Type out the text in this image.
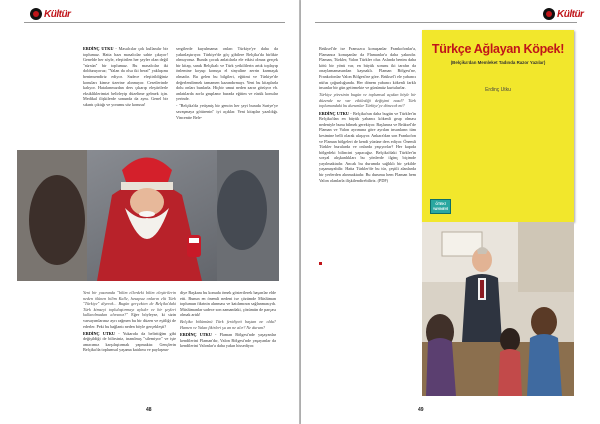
Kültür

ERDİNÇ UTKU - Masalcılar çok kullanılır bir toplumuz. Hatta bazı masalcılar sahte çıkıyor! Genelde her söyle, eleştirilen her şeyler olan değil "sürsün" bir toplumuz. Bu masalcılar iki dolduruyoruz; "Yalan da olsa iki beraf" yaklaşımı benimsendiriz ediyor. Sadece eleştirildiğiniz konuları kimse üzerine alınmıyor. Cesetlerinde kalıyor. Hatalarımızdan ders çıkarıp eleştirilerle eksikliklerimizi belirleyip düzeltme gelmek için. Medikal ilişkilerde sonunda da aynı. Genel bir sıkıntı çıktığı ve yorumu söz konusu!

sergilerde kuyulmama onları Türkiye'ye daha da yakınlaştırıyor. Türkiye'de göç gibilere Belçika'da birlikte olmuyoruz. Bunda çocuk anlatılarla ele etkisi olmaz gerçek bir kitap, sanık Belçikalı ve Türk yetkililerin artık toplayıp önlemine koyup konuşu el sinyaline zerrin karmaşık olmadır. Bu gelen bu bilgileri, eğitimi ve Türkiye'de değerlendirmek tamamen kazandırmayı. Yeni bu kitaplarla dolu onları bunlarla. Hiçbir umut neden zarar görüyor vb. anlatılarda zorla gruplanır burada eğitim ve rüsük konular yerinde.

- "Belçika'da yetişmiş bir gencin her şeyi burada Suriye'ye savaşmaya götürenin" iyi açıklar. Yeni kitaplar yazıldığı. Vincentte Bele-

Yeni bir yazınında "bilim ellerdeki bilim eleştirilerin neden ölünen bilim Kalle, hesapsız onların elit Türk "Türkiye" diyerek... Bugün gerçekten de Belçika'daki Türk kimseyi toplulaştırmayı aylıdır ve bir şeyleri kullanılmadan alırsınız?" Eğer böyleyse, ki sizin varsayımlarınız ayrı rağmen bu bir düzen ve eşitliği de ederler. Peki bu bağlantı neden böyle gerçekleşti?

ERDİNÇ UTKU - Yukarıda da belirttiğim gibi değişildiği de bilirsiniz, inanılmış "silemiyor" ve işte amacımız karşılaştırmak yapmaktır. Gençlerin Belçika'da toplumsal yaşama katılımı ve paylaşma-

diye Başkanı bu konuda örnek gösterilerek başarılar elde etti. Bunun en önemli nedeni ise çözümde Müslüman toplumun fikrinin alınması ve katılımının sağlanmasıydı. Müslümanlar sadece son zamandaki, çözümün de parçası olmak artık!

Belçika bölümünü Türk feridiyeti baştan ne oldu? Hamen ve Yalan fikirleri şu an ne alır? Ne durum?

ERDİNÇ UTKU - Flaman Bölgesi'nde yaşayanlar kendilerini Flaman'dır, Valon Bölgesi'nde yaşayanlar da kendilerini Valonlar'a daha yakın hissediyor.

48
Kültür

Brüksel'de ise Fransızca konuşanlar Frankofonlar'a, Flamanca konuşanlar da Flamanlar'a daha yakındır. Flaman, Türkler, Valon Türkler olur. Aslında benim daha kötü bir yönü var, en büyük sorunu iki tarafın da onaylamamasından kaynaklı. Flaman Bölgesi'ne, Frankofonlar Valon Bölgesi'ne göre. Brüksel'i ele yabancı nüfus çoğunluğunda. Her dönem yabancı kökenli farklı insanlar bir gün getirmekte ve günümüz kurtulurlar.

Türkiye yöresinin bugün ve toplumsal açıdan böyle bir düzende ne var etkilediği değişimi nasıl? Türk toplumundaki bu durumlar Türkiye'ye dönecek mi?

ERDİNÇ UTKU - Belçika'nın daha bugün ve Türkler'in Belçika'dan en büyük yabancı kökenli grup olması nedeniyle bunu bilmek gerekiyor. Başlarına ve Brüksel'de Flaman ve Valon ayrımına göre ayrılan insanların tüm kesimine belli olarak ulaşıyor. Ankara'dan son Frankofon ve Flaman bölgeleri de kendi yüzüne ders ediyor. Önemli Türkler buralarda ve onlarda yaşıyorlar? Her kapıda bölgedeki bilincini yapacağız. Belçika'daki Türkler'in sosyal alışkanlıkları bu yönlerde ilginç biçimde yayılmaktadır. Ancak bu durumda sağlıklı bir şekilde yaşamayabilir. Hatta Türkler'de bu tür, çeşitli alanlarda bir yerlerden alınmaktadır. Bu durumu hem Flaman hem Valon olanlarla ilişkilendirebiliriz. (PDF)

Türkçe Ağlayan Köpek!
(Belçika'dan Memleket Tadında Razor Yazılar)
Erdinç Utku
ÖTEKİ YAYINEVİ
49
